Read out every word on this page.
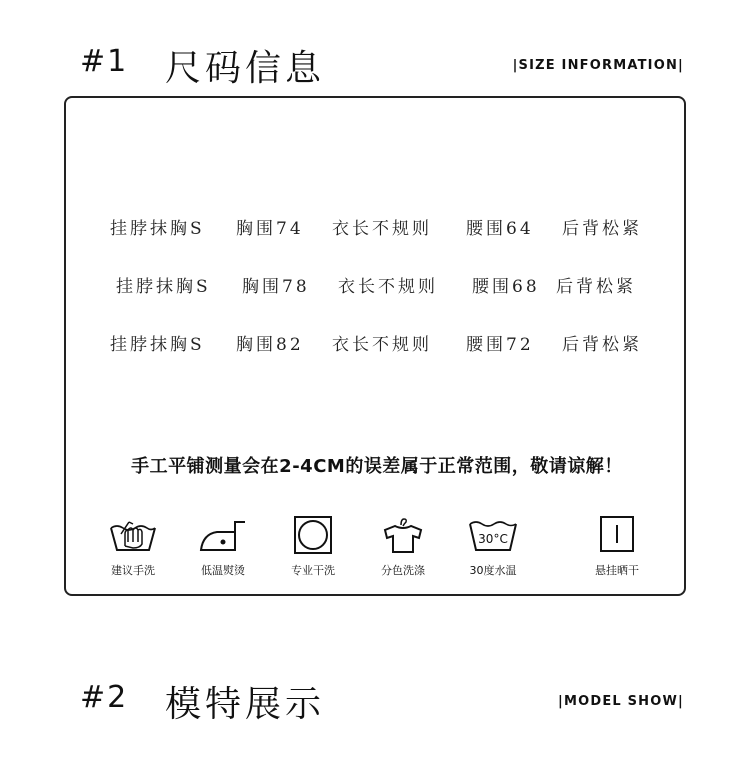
#1 尺码信息	|SIZE INFORMATION|
挂脖抹胸S 胸围74 衣长不规则 腰围64 后背松紧
挂脖抹胸S 胸围78 衣长不规则 腰围68 后背松紧
挂脖抹胸S 胸围82 衣长不规则 腰围72 后背松紧
手工平铺测量会在2-4CM的误差属于正常范围，敬请谅解！
建议手洗	低温熨烫	专业干洗	分色洗涤
30°C
30度水温	悬挂晒干
#2 模特展示	|MODEL SHOW|
